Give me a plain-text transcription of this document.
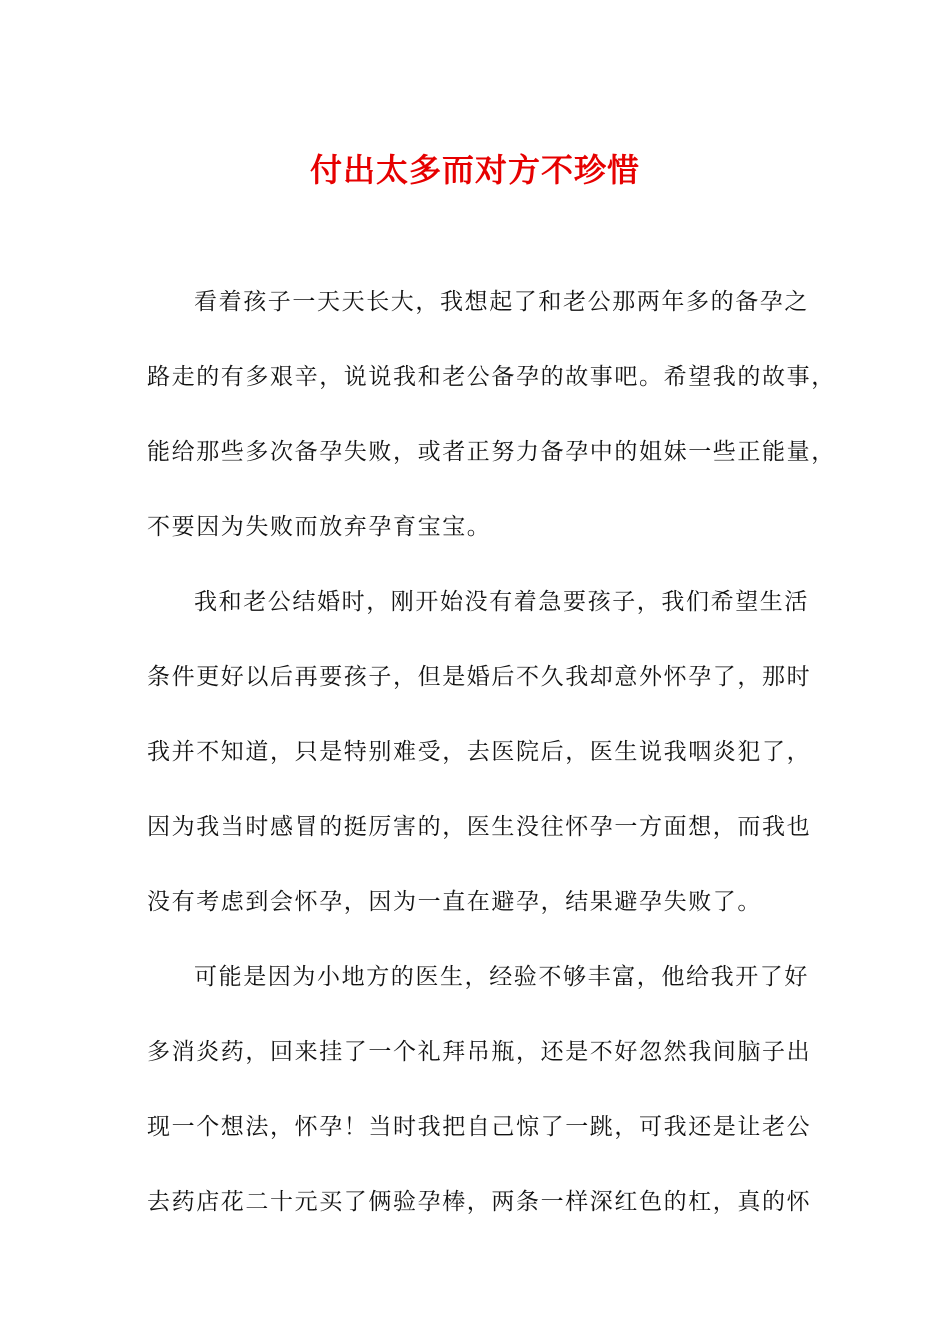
付出太多而对方不珍惜
看着孩子一天天长大，我想起了和老公那两年多的备孕之
路走的有多艰辛，说说我和老公备孕的故事吧。希望我的故事，
能给那些多次备孕失败，或者正努力备孕中的姐妹一些正能量，
不要因为失败而放弃孕育宝宝。
我和老公结婚时，刚开始没有着急要孩子，我们希望生活
条件更好以后再要孩子，但是婚后不久我却意外怀孕了，那时
我并不知道，只是特别难受，去医院后，医生说我咽炎犯了，
因为我当时感冒的挺厉害的，医生没往怀孕一方面想，而我也
没有考虑到会怀孕，因为一直在避孕，结果避孕失败了。
可能是因为小地方的医生，经验不够丰富，他给我开了好
多消炎药，回来挂了一个礼拜吊瓶，还是不好忽然我间脑子出
现一个想法，怀孕！当时我把自己惊了一跳，可我还是让老公
去药店花二十元买了俩验孕棒，两条一样深红色的杠，真的怀
